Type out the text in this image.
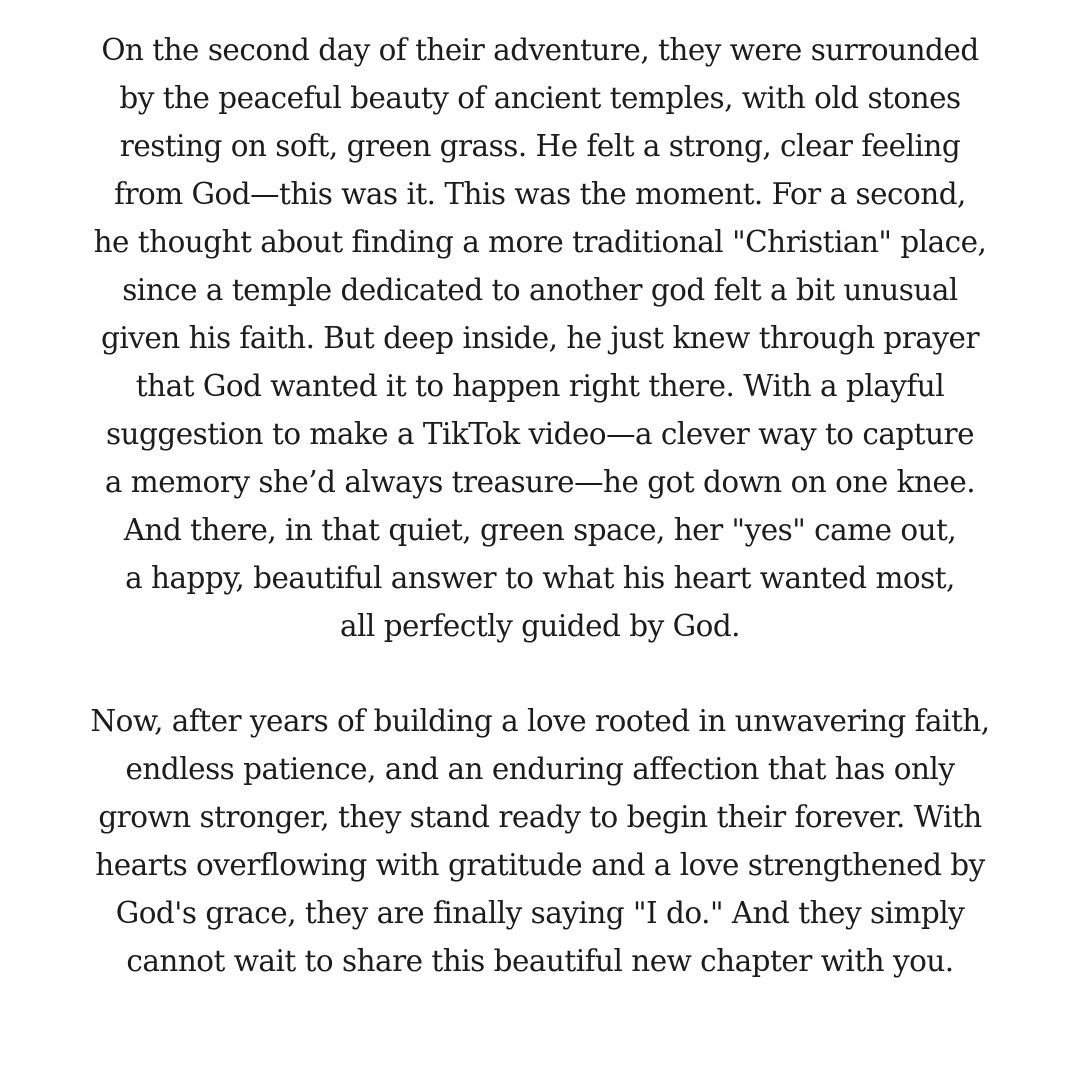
On the second day of their adventure, they were surrounded
by the peaceful beauty of ancient temples, with old stones
resting on soft, green grass. He felt a strong, clear feeling
from God—this was it. This was the moment. For a second,
he thought about finding a more traditional "Christian" place,
since a temple dedicated to another god felt a bit unusual
given his faith. But deep inside, he just knew through prayer
that God wanted it to happen right there. With a playful
suggestion to make a TikTok video—a clever way to capture
a memory she’d always treasure—he got down on one knee.
And there, in that quiet, green space, her "yes" came out,
a happy, beautiful answer to what his heart wanted most,
all perfectly guided by God.

Now, after years of building a love rooted in unwavering faith,
endless patience, and an enduring affection that has only
grown stronger, they stand ready to begin their forever. With
hearts overflowing with gratitude and a love strengthened by
God's grace, they are finally saying "I do." And they simply
cannot wait to share this beautiful new chapter with you.
